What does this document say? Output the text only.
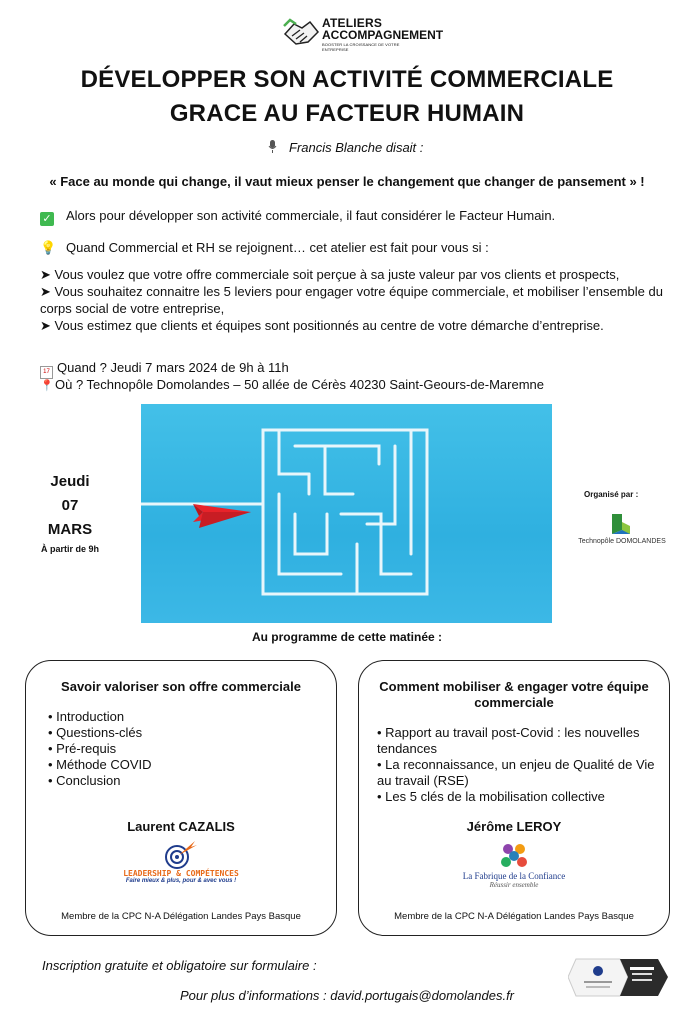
ATELIERS
ACCOMPAGNEMENT
BOOSTER LA CROISSANCE DE VOTRE ENTREPRISE
DÉVELOPPER SON ACTIVITÉ COMMERCIALE
GRACE AU FACTEUR HUMAIN
Francis Blanche disait :
« Face au monde qui change, il vaut mieux penser le changement que changer de pansement » !
✓ Alors pour développer son activité commerciale, il faut considérer le Facteur Humain.
💡 Quand Commercial et RH se rejoignent… cet atelier est fait pour vous si :
➤ Vous voulez que votre offre commerciale soit perçue à sa juste valeur par vos clients et prospects,
➤ Vous souhaitez connaitre les 5 leviers pour engager votre équipe commerciale, et mobiliser l’ensemble du corps social de votre entreprise,
➤ Vous estimez que clients et équipes sont positionnés au centre de votre démarche d’entreprise.
17 Quand ? Jeudi 7 mars 2024 de 9h à 11h
📍Où ? Technopôle Domolandes – 50 allée de Cérès 40230 Saint-Geours-de-Maremne
Jeudi
07
MARS
À partir de 9h
Organisé par :
Technopôle DOMOLANDES
Au programme de cette matinée :
Savoir valoriser son offre commerciale
• Introduction
• Questions-clés
• Pré-requis
• Méthode COVID
• Conclusion
Laurent CAZALIS
LEADERSHIP & COMPÉTENCES
Faire mieux & plus, pour & avec vous !
Membre de la CPC N-A Délégation Landes Pays Basque
Comment mobiliser & engager votre équipe commerciale
• Rapport au travail post-Covid : les nouvelles tendances
• La reconnaissance, un enjeu de Qualité de Vie au travail (RSE)
• Les 5 clés de la mobilisation collective
Jérôme LEROY
La Fabrique de la Confiance
Réussir ensemble
Membre de la CPC N-A Délégation Landes Pays Basque
Inscription gratuite et obligatoire sur formulaire :
Pour plus d’informations : david.portugais@domolandes.fr
